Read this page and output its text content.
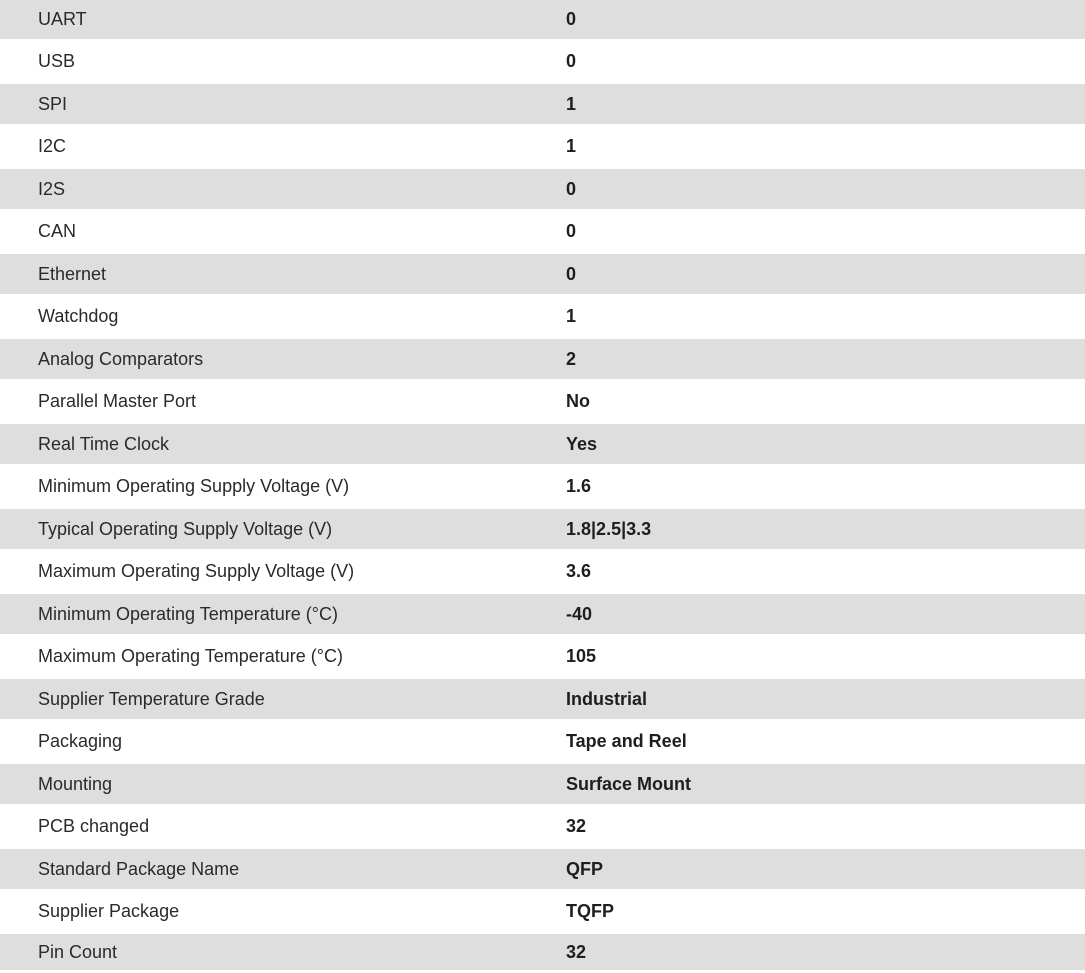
UART	0
USB	0
SPI	1
I2C	1
I2S	0
CAN	0
Ethernet	0
Watchdog	1
Analog Comparators	2
Parallel Master Port	No
Real Time Clock	Yes
Minimum Operating Supply Voltage (V)	1.6
Typical Operating Supply Voltage (V)	1.8|2.5|3.3
Maximum Operating Supply Voltage (V)	3.6
Minimum Operating Temperature (°C)	-40
Maximum Operating Temperature (°C)	105
Supplier Temperature Grade	Industrial
Packaging	Tape and Reel
Mounting	Surface Mount
PCB changed	32
Standard Package Name	QFP
Supplier Package	TQFP
Pin Count	32
